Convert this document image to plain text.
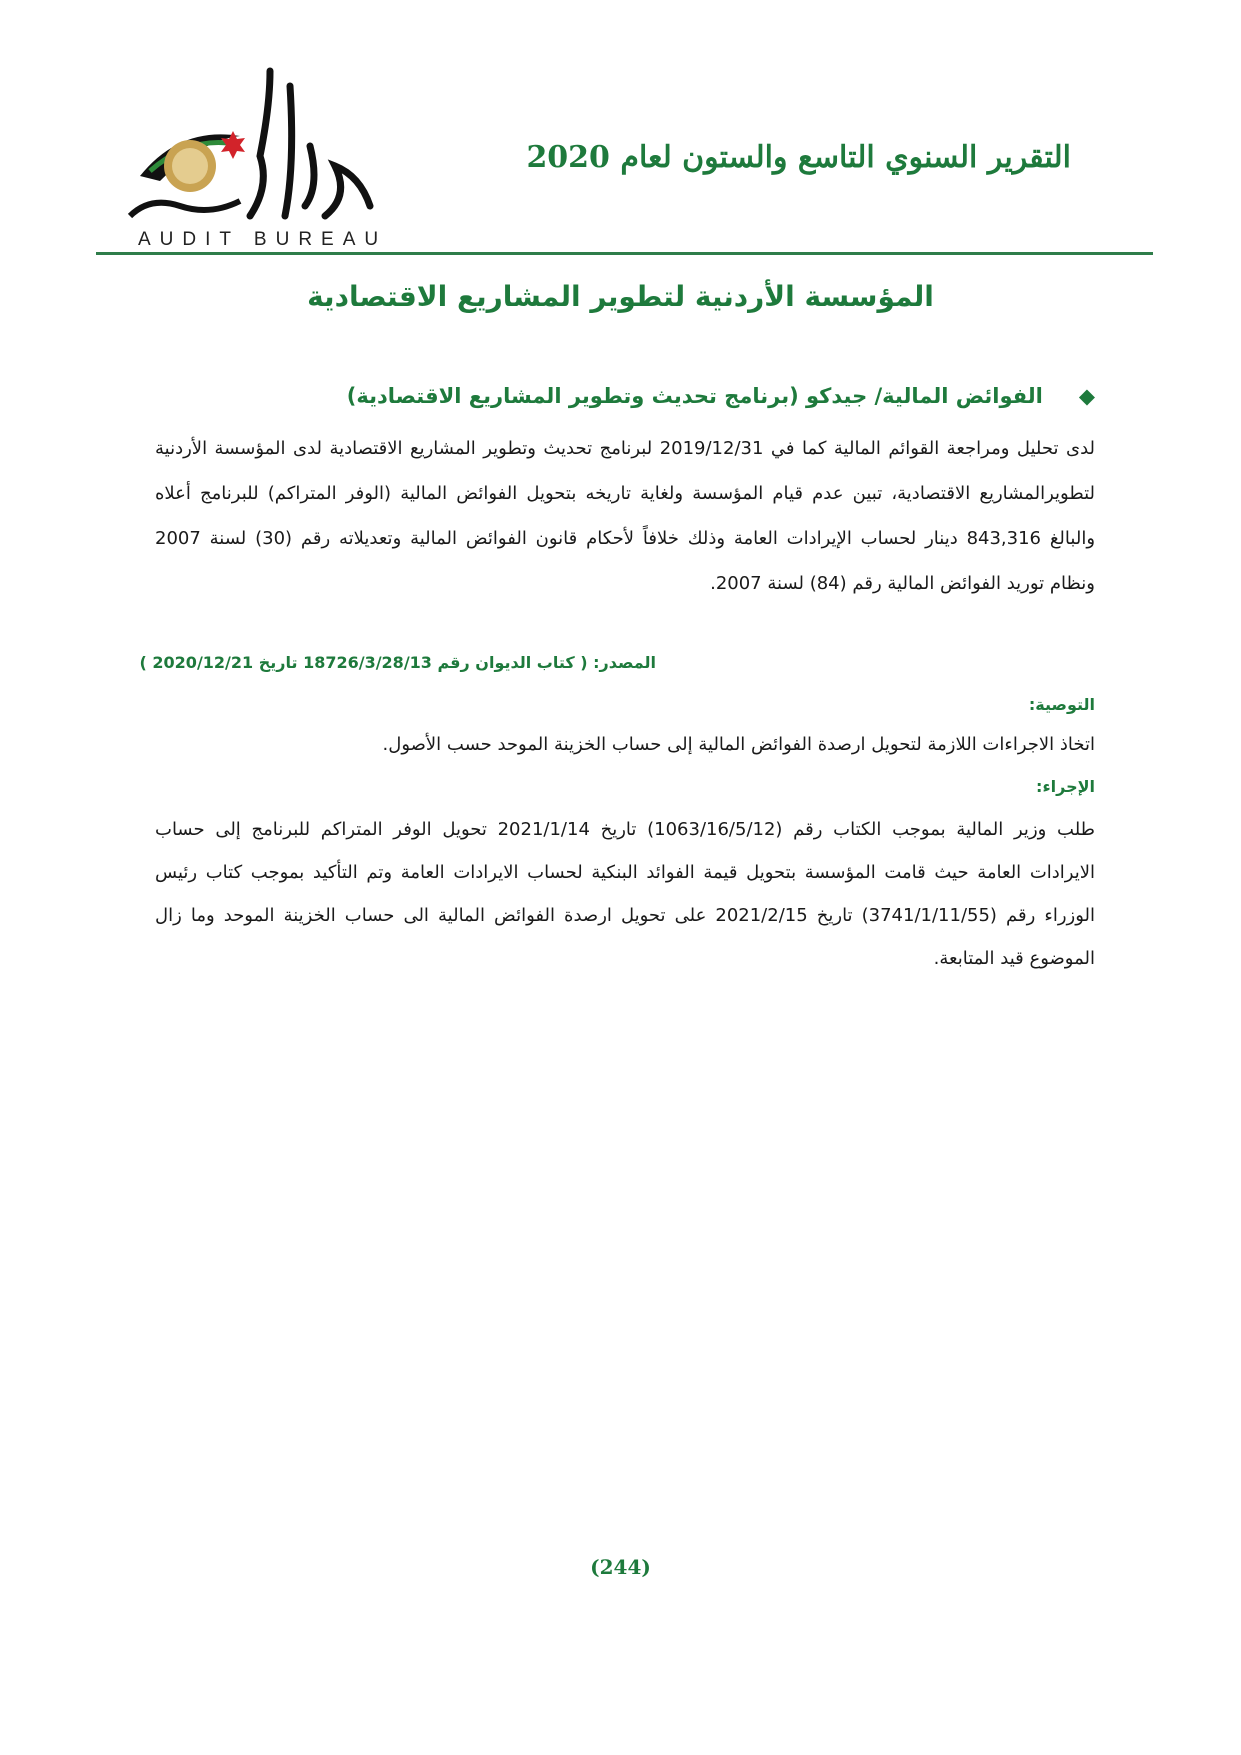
AUDIT BUREAU
التقرير السنوي التاسع والستون لعام 2020
المؤسسة الأردنية لتطوير المشاريع الاقتصادية
◆الفوائض المالية/ جيدكو (برنامج تحديث وتطوير المشاريع الاقتصادية)
لدى تحليل ومراجعة القوائم المالية كما في 2019/12/31 لبرنامج تحديث وتطوير المشاريع الاقتصادية لدى المؤسسة الأردنية لتطويرالمشاريع الاقتصادية، تبين عدم قيام المؤسسة ولغاية تاريخه بتحويل الفوائض المالية (الوفر المتراكم) للبرنامج أعلاه والبالغ 843,316 دينار لحساب الإيرادات العامة وذلك خلافاً لأحكام قانون الفوائض المالية وتعديلاته رقم (30) لسنة 2007 ونظام توريد الفوائض المالية رقم (84) لسنة 2007.
المصدر: ( كتاب الديوان رقم 18726/3/28/13 تاريخ 2020/12/21 )
التوصية:
اتخاذ الاجراءات اللازمة لتحويل ارصدة الفوائض المالية إلى حساب الخزينة الموحد حسب الأصول.
الإجراء:
طلب وزير المالية بموجب الكتاب رقم (1063/16/5/12) تاريخ 2021/1/14 تحويل الوفر المتراكم للبرنامج إلى حساب الايرادات العامة حيث قامت المؤسسة بتحويل قيمة الفوائد البنكية لحساب الايرادات العامة وتم التأكيد بموجب كتاب رئيس الوزراء رقم (3741/1/11/55) تاريخ 2021/2/15 على تحويل ارصدة الفوائض المالية الى حساب الخزينة الموحد وما زال الموضوع قيد المتابعة.
(244)
